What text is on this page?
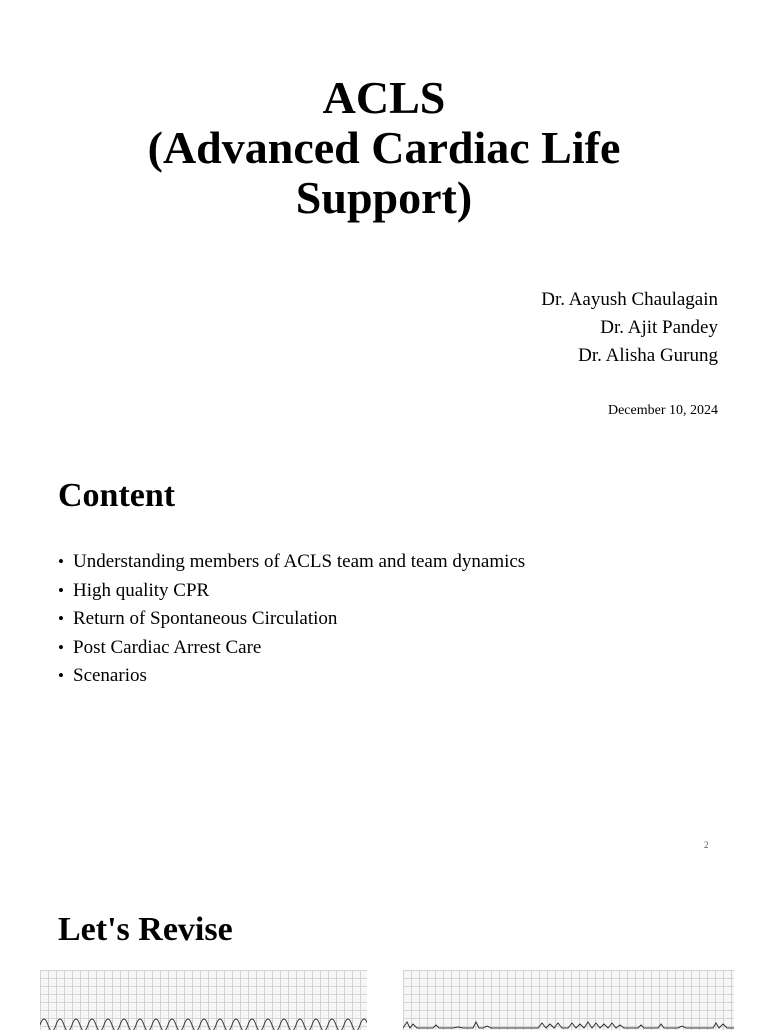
ACLS
(Advanced Cardiac Life
Support)
Dr. Aayush Chaulagain
Dr. Ajit Pandey
Dr. Alisha Gurung
December 10, 2024
Content
• Understanding members of ACLS team and team dynamics
• High quality CPR
• Return of Spontaneous Circulation
• Post Cardiac Arrest Care
• Scenarios
2
Let's Revise
